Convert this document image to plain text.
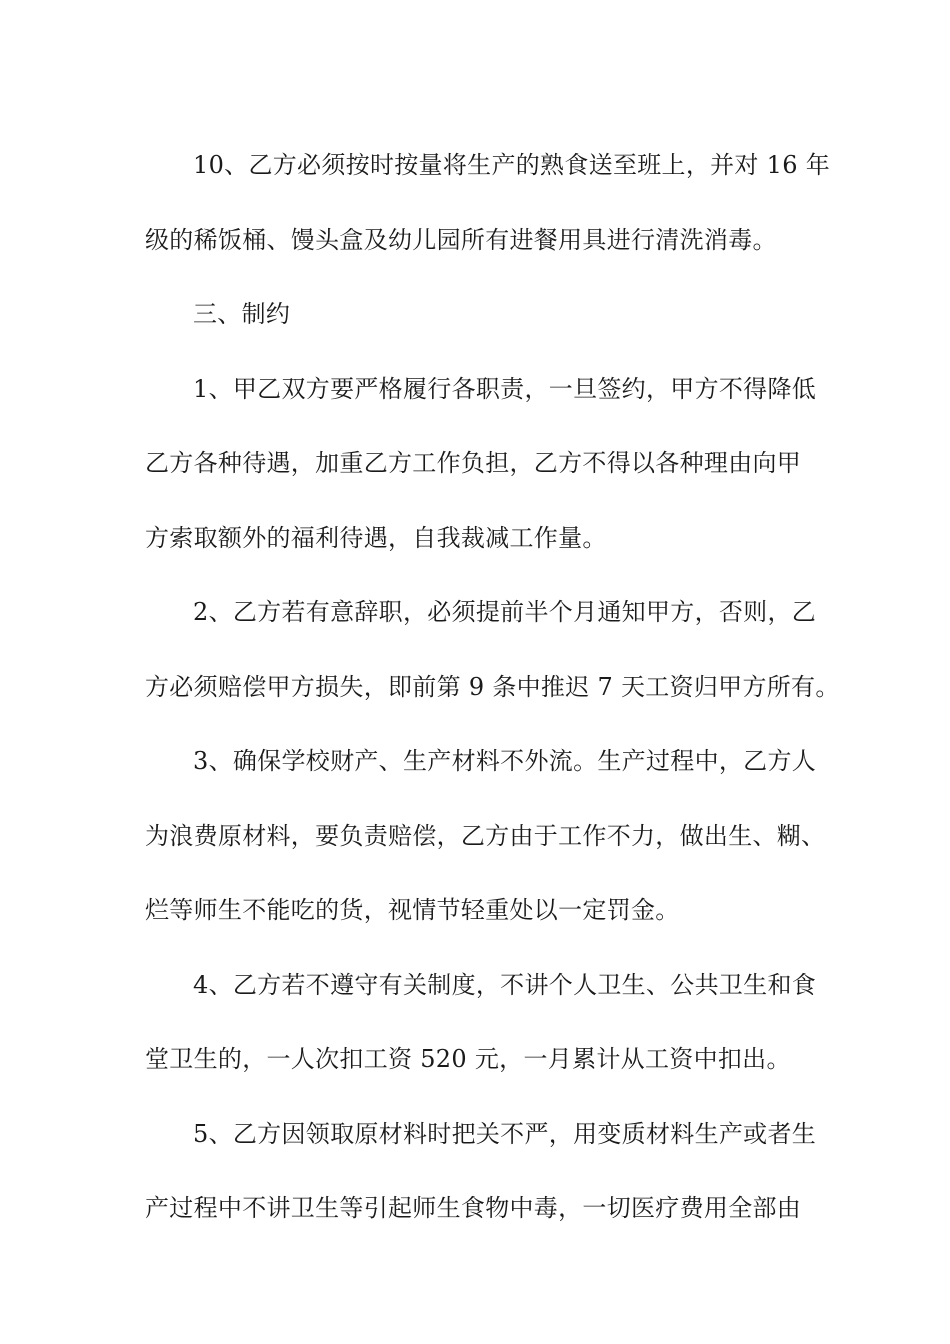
10、乙方必须按时按量将生产的熟食送至班上，并对 16 年
级的稀饭桶、馒头盒及幼儿园所有进餐用具进行清洗消毒。
三、制约
1、甲乙双方要严格履行各职责，一旦签约，甲方不得降低
乙方各种待遇，加重乙方工作负担，乙方不得以各种理由向甲
方索取额外的福利待遇，自我裁减工作量。
2、乙方若有意辞职，必须提前半个月通知甲方，否则，乙
方必须赔偿甲方损失，即前第 9 条中推迟 7 天工资归甲方所有。
3、确保学校财产、生产材料不外流。生产过程中，乙方人
为浪费原材料，要负责赔偿，乙方由于工作不力，做出生、糊、
烂等师生不能吃的货，视情节轻重处以一定罚金。
4、乙方若不遵守有关制度，不讲个人卫生、公共卫生和食
堂卫生的，一人次扣工资 520 元，一月累计从工资中扣出。
5、乙方因领取原材料时把关不严，用变质材料生产或者生
产过程中不讲卫生等引起师生食物中毒，一切医疗费用全部由
